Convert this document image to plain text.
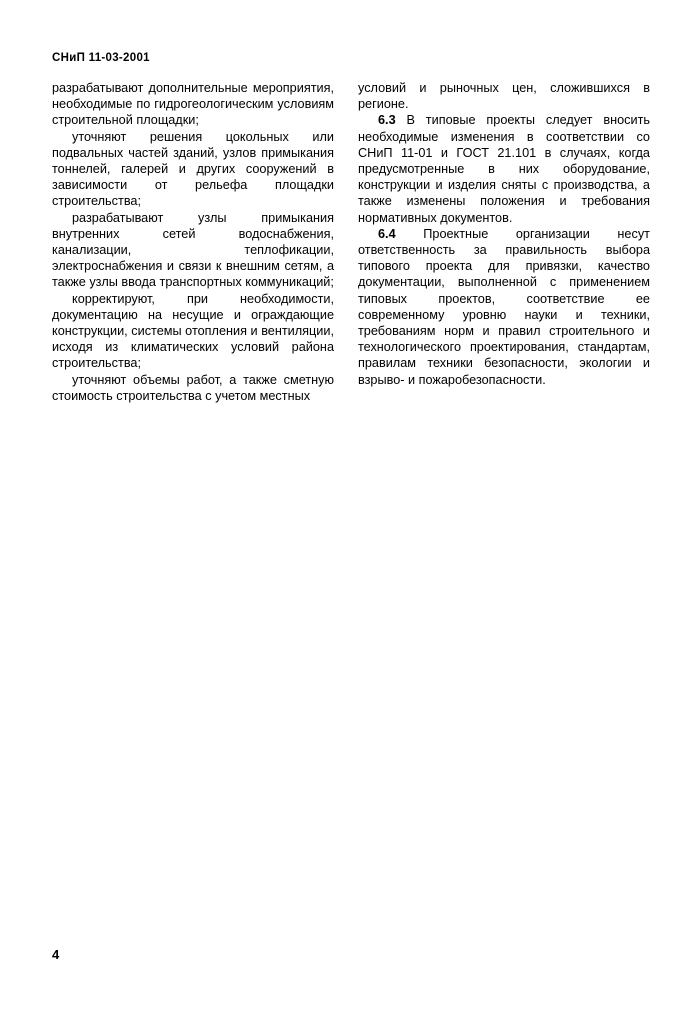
СНиП 11-03-2001

разрабатывают дополнительные мероприятия, необходимые по гидрогеологическим условиям строительной площадки;

уточняют решения цокольных или подвальных частей зданий, узлов примыкания тоннелей, галерей и других сооружений в зависимости от рельефа площадки строительства;

разрабатывают узлы примыкания внутренних сетей водоснабжения, канализации, теплофикации, электроснабжения и связи к внешним сетям, а также узлы ввода транспортных коммуникаций;

корректируют, при необходимости, документацию на несущие и ограждающие конструкции, системы отопления и вентиляции, исходя из климатических условий района строительства;

уточняют объемы работ, а также сметную стоимость строительства с учетом местных

условий и рыночных цен, сложившихся в регионе.

6.3 В типовые проекты следует вносить необходимые изменения в соответствии со СНиП 11-01 и ГОСТ 21.101 в случаях, когда предусмотренные в них оборудование, конструкции и изделия сняты с производства, а также изменены положения и требования нормативных документов.

6.4 Проектные организации несут ответственность за правильность выбора типового проекта для привязки, качество документации, выполненной с применением типовых проектов, соответствие ее современному уровню науки и техники, требованиям норм и правил строительного и технологического проектирования, стандартам, правилам техники безопасности, экологии и взрыво- и пожаробезопасности.

4
